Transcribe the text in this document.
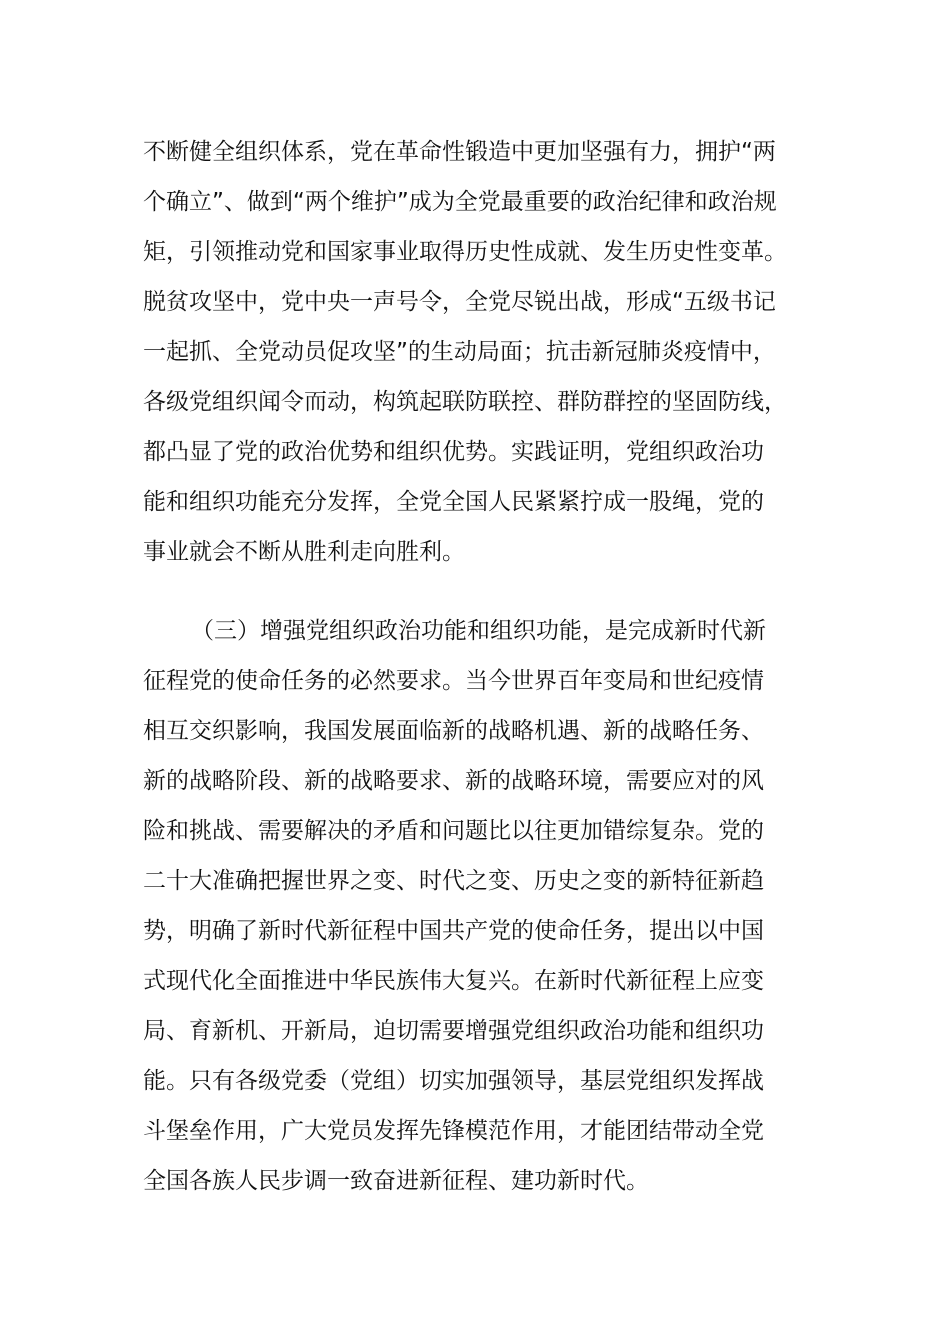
不断健全组织体系，党在革命性锻造中更加坚强有力，拥护“两
个确立”、做到“两个维护”成为全党最重要的政治纪律和政治规
矩，引领推动党和国家事业取得历史性成就、发生历史性变革。
脱贫攻坚中，党中央一声号令，全党尽锐出战，形成“五级书记
一起抓、全党动员促攻坚”的生动局面；抗击新冠肺炎疫情中，
各级党组织闻令而动，构筑起联防联控、群防群控的坚固防线，
都凸显了党的政治优势和组织优势。实践证明，党组织政治功
能和组织功能充分发挥，全党全国人民紧紧拧成一股绳，党的
事业就会不断从胜利走向胜利。
（三）增强党组织政治功能和组织功能，是完成新时代新
征程党的使命任务的必然要求。当今世界百年变局和世纪疫情
相互交织影响，我国发展面临新的战略机遇、新的战略任务、
新的战略阶段、新的战略要求、新的战略环境，需要应对的风
险和挑战、需要解决的矛盾和问题比以往更加错综复杂。党的
二十大准确把握世界之变、时代之变、历史之变的新特征新趋
势，明确了新时代新征程中国共产党的使命任务，提出以中国
式现代化全面推进中华民族伟大复兴。在新时代新征程上应变
局、育新机、开新局，迫切需要增强党组织政治功能和组织功
能。只有各级党委（党组）切实加强领导，基层党组织发挥战
斗堡垒作用，广大党员发挥先锋模范作用，才能团结带动全党
全国各族人民步调一致奋进新征程、建功新时代。
